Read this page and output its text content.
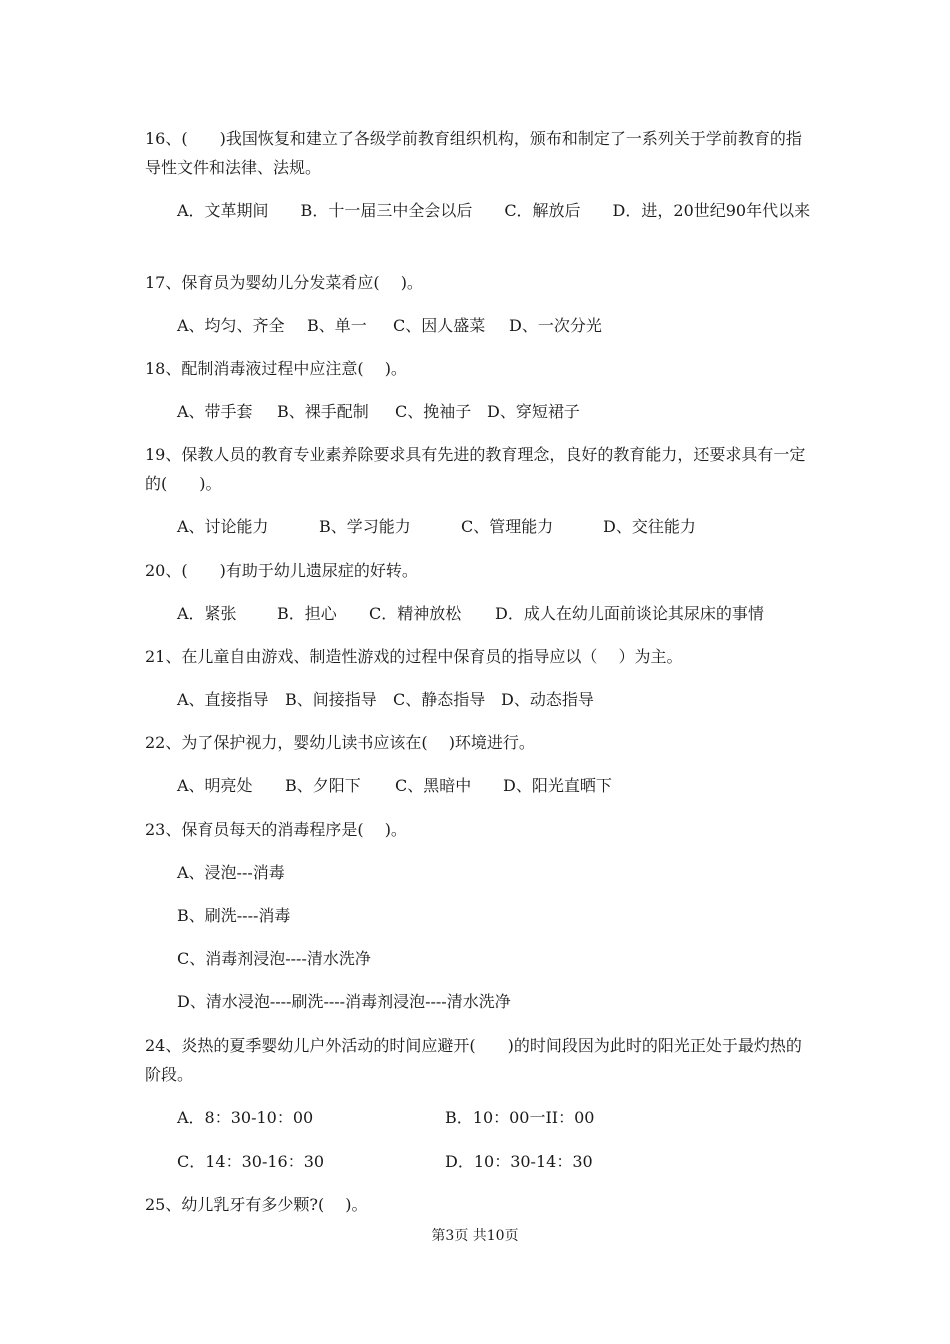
16、(　　)我国恢复和建立了各级学前教育组织机构，颁布和制定了一系列关于学前教育的指导性文件和法律、法规。
A．文革期间　　B．十一届三中全会以后　　C．解放后　　D．进，20世纪90年代以来
17、保育员为婴幼儿分发菜肴应(　 )。
A、均匀、齐全 B、单一 C、因人盛菜 D、一次分光
18、配制消毒液过程中应注意(　 )。
A、带手套 B、裸手配制 C、挽袖子 D、穿短裙子
19、保教人员的教育专业素养除要求具有先进的教育理念，良好的教育能力，还要求具有一定的(　　)。
A、讨论能力	B、学习能力	C、管理能力	D、交往能力
20、(　　)有助于幼儿遗尿症的好转。
A．紧张	B．担心 C．精神放松 D．成人在幼儿面前谈论其尿床的事情
21、在儿童自由游戏、制造性游戏的过程中保育员的指导应以（　 ）为主。
A、直接指导 B、间接指导 C、静态指导 D、动态指导
22、为了保护视力，婴幼儿读书应该在(　 )环境进行。
A、明亮处 B、夕阳下 C、黑暗中 D、阳光直晒下
23、保育员每天的消毒程序是(　 )。
A、浸泡---消毒
B、刷洗----消毒
C、消毒剂浸泡----清水洗净
D、清水浸泡----刷洗----消毒剂浸泡----清水洗净
24、炎热的夏季婴幼儿户外活动的时间应避开(　　)的时间段因为此时的阳光正处于最灼热的阶段。
A．8：30-10：00	B．10：00一II：00
C．14：30-16：30	D．10：30-14：30
25、幼儿乳牙有多少颗?(　 )。
第3页 共10页
